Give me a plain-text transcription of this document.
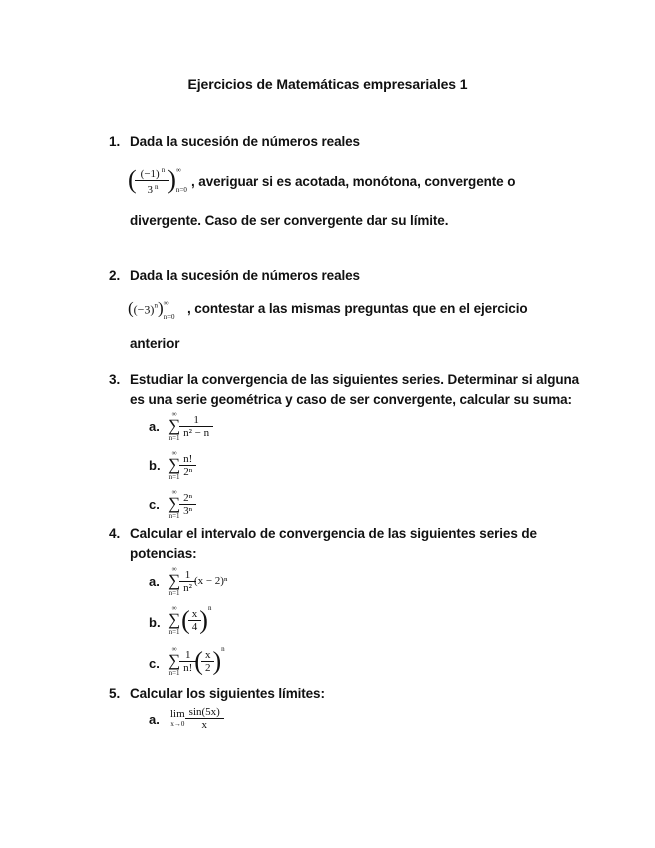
Ejercicios de Matemáticas empresariales 1
1. Dada la sucesión de números reales
( $\frac{(-1) ^n}{3 ^n}$ ) ∞
n=0
, averiguar si es acotada, monótona, convergente o
divergente. Caso de ser convergente dar su límite.
2. Dada la sucesión de números reales
$((-3)^n)$ ∞
n=0
, contestar a las mismas preguntas que en el ejercicio
anterior
3. Estudiar la convergencia de las siguientes series. Determinar si alguna
es una serie geométrica y caso de ser convergente, calcular su suma:
a.
∞
∑
$n=1 \frac{1}{\text{n² − n}}$
b.
∞
∑
$n=1 \frac{n!}{\text{2ⁿ}}$
c.
∞
∑
$n=1 \frac{\text{2ⁿ}}{\text{3ⁿ}}$
4. Calcular el intervalo de convergencia de las siguientes series de
potencias:
a.
∞
∑
$n=1 \frac{1}{\text{n²}} (x - 2)^n$
b.
∞
∑
n=1 ( $\frac{x}{4} )^n$
c.
∞
∑
$n=1 \frac{1}{n!}$ ( $\frac{x}{2} )^n$
5. Calcular los siguientes límites:
a. lim
$x\to 0 \frac{\sin(5x)}{x}$
